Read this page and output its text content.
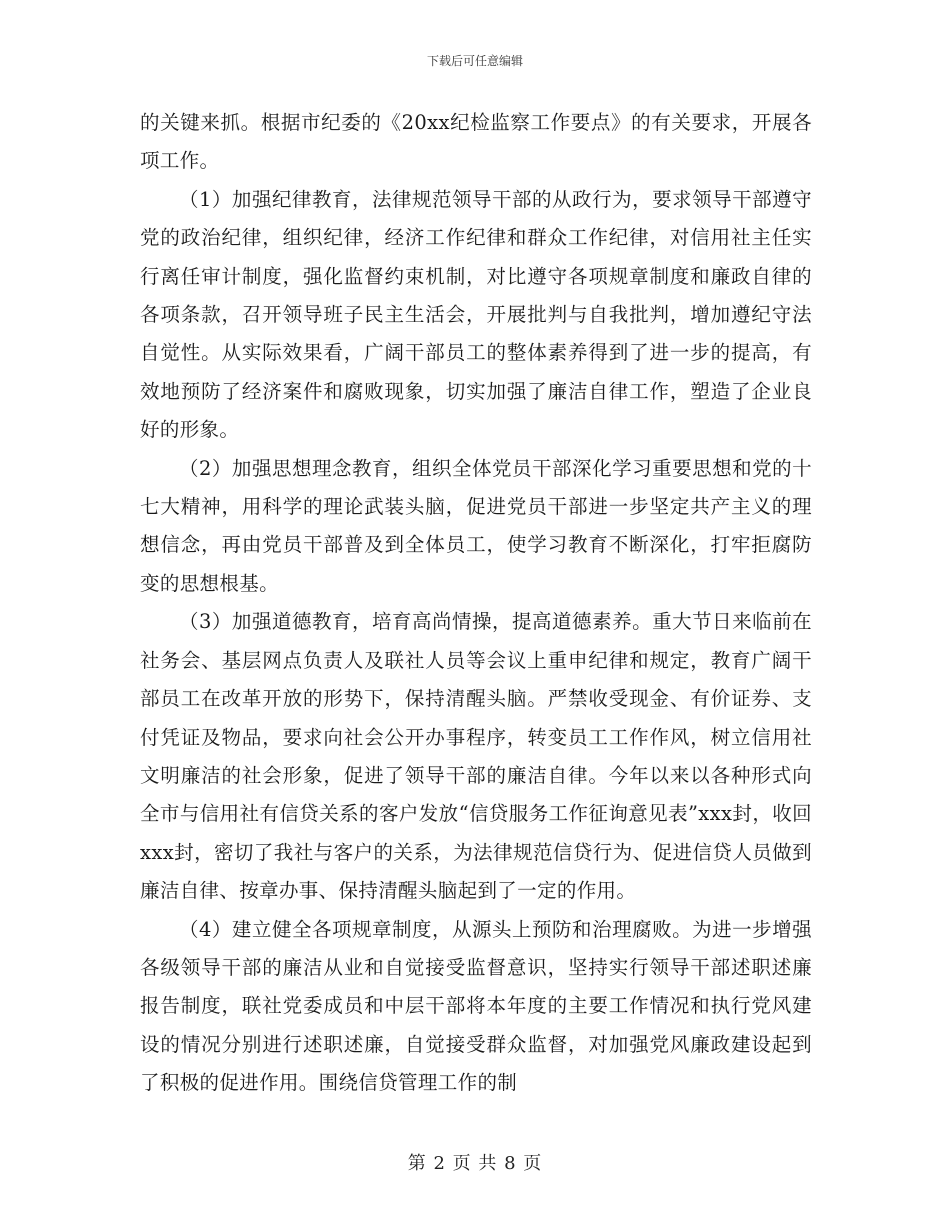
下载后可任意编辑

的关键来抓。根据市纪委的《20xx纪检监察工作要点》的有关要求，开展各项工作。

（1）加强纪律教育，法律规范领导干部的从政行为，要求领导干部遵守党的政治纪律，组织纪律，经济工作纪律和群众工作纪律，对信用社主任实行离任审计制度，强化监督约束机制，对比遵守各项规章制度和廉政自律的各项条款，召开领导班子民主生活会，开展批判与自我批判，增加遵纪守法自觉性。从实际效果看，广阔干部员工的整体素养得到了进一步的提高，有效地预防了经济案件和腐败现象，切实加强了廉洁自律工作，塑造了企业良好的形象。

（2）加强思想理念教育，组织全体党员干部深化学习重要思想和党的十七大精神，用科学的理论武装头脑，促进党员干部进一步坚定共产主义的理想信念，再由党员干部普及到全体员工，使学习教育不断深化，打牢拒腐防变的思想根基。

（3）加强道德教育，培育高尚情操，提高道德素养。重大节日来临前在社务会、基层网点负责人及联社人员等会议上重申纪律和规定，教育广阔干部员工在改革开放的形势下，保持清醒头脑。严禁收受现金、有价证券、支付凭证及物品，要求向社会公开办事程序，转变员工工作作风，树立信用社文明廉洁的社会形象，促进了领导干部的廉洁自律。今年以来以各种形式向全市与信用社有信贷关系的客户发放“信贷服务工作征询意见表”xxx封，收回xxx封，密切了我社与客户的关系，为法律规范信贷行为、促进信贷人员做到廉洁自律、按章办事、保持清醒头脑起到了一定的作用。

（4）建立健全各项规章制度，从源头上预防和治理腐败。为进一步增强各级领导干部的廉洁从业和自觉接受监督意识，坚持实行领导干部述职述廉报告制度，联社党委成员和中层干部将本年度的主要工作情况和执行党风建设的情况分别进行述职述廉，自觉接受群众监督，对加强党风廉政建设起到了积极的促进作用。围绕信贷管理工作的制

第 2 页 共 8 页
